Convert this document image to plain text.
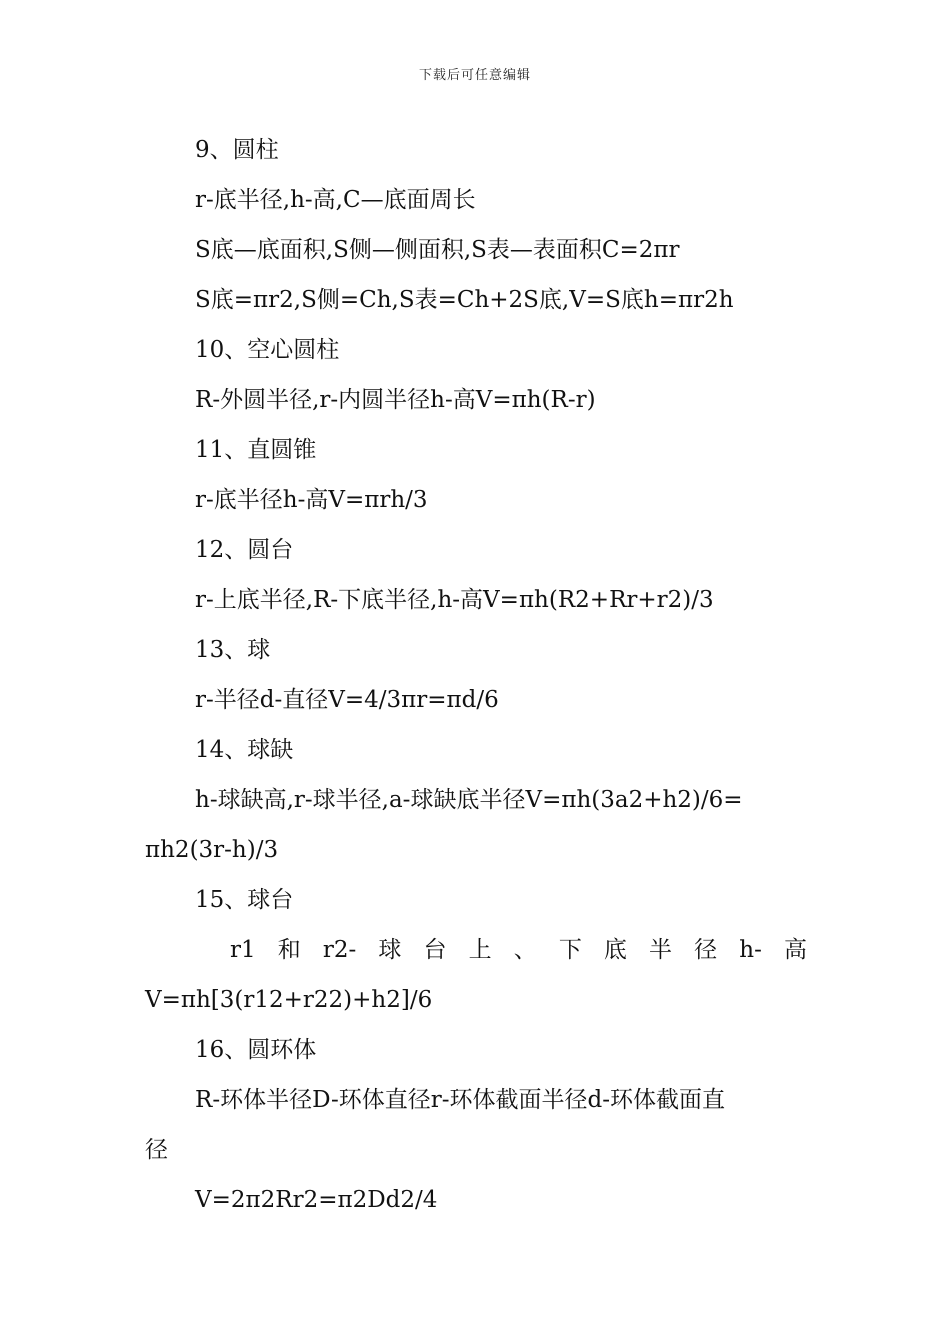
下载后可任意编辑
9、圆柱
r-底半径,h-高,C—底面周长
S底—底面积,S侧—侧面积,S表—表面积C=2πr
S底=πr2,S侧=Ch,S表=Ch+2S底,V=S底h=πr2h
10、空心圆柱
R-外圆半径,r-内圆半径h-高V=πh(R-r)
11、直圆锥
r-底半径h-高V=πrh/3
12、圆台
r-上底半径,R-下底半径,h-高V=πh(R2+Rr+r2)/3
13、球
r-半径d-直径V=4/3πr=πd/6
14、球缺
h-球缺高,r-球半径,a-球缺底半径V=πh(3a2+h2)/6=
πh2(3r-h)/3
15、球台
r1 和 r2- 球 台 上 、 下 底 半 径 h- 高
V=πh[3(r12+r22)+h2]/6
16、圆环体
R-环体半径D-环体直径r-环体截面半径d-环体截面直
径
V=2π2Rr2=π2Dd2/4
